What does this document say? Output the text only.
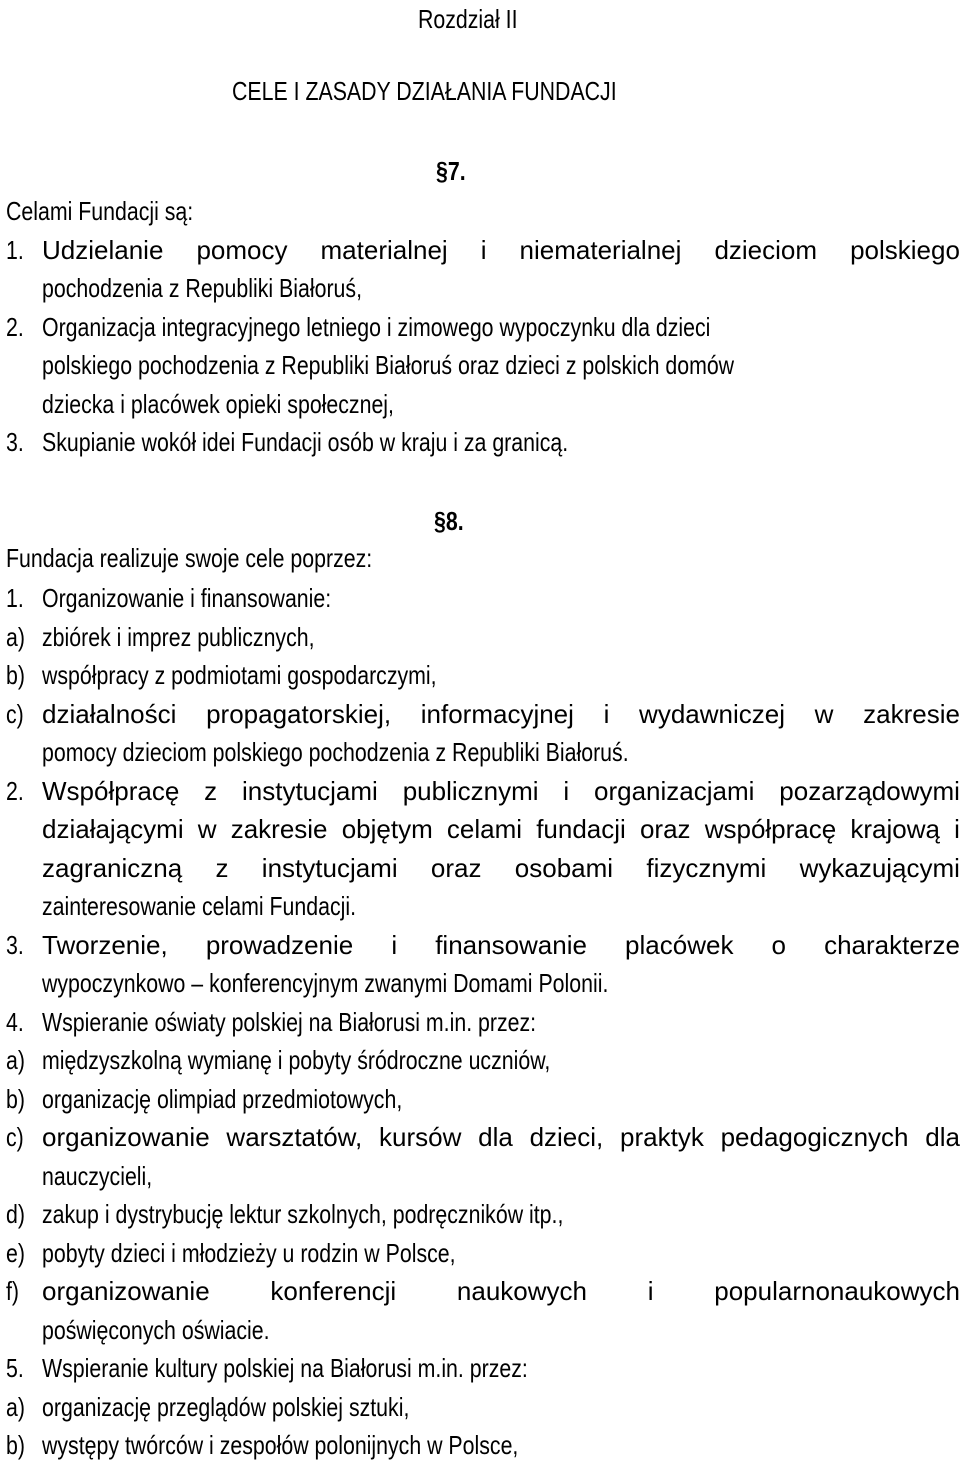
Rozdział II
CELE I ZASADY DZIAŁANIA FUNDACJI
§7.
Celami Fundacji są:
1. Udzielanie pomocy materialnej i niematerialnej dzieciom polskiego
pochodzenia z Republiki Białoruś,
2. Organizacja integracyjnego letniego i zimowego wypoczynku dla dzieci
polskiego pochodzenia z Republiki Białoruś oraz dzieci z polskich domów
dziecka i placówek opieki społecznej,
3. Skupianie wokół idei Fundacji osób w kraju i za granicą.
§8.
Fundacja realizuje swoje cele poprzez:
1. Organizowanie i finansowanie:
a) zbiórek i imprez publicznych,
b) współpracy z podmiotami gospodarczymi,
c) działalności propagatorskiej, informacyjnej i wydawniczej w zakresie
pomocy dzieciom polskiego pochodzenia z Republiki Białoruś.
2. Współpracę z instytucjami publicznymi i organizacjami pozarządowymi
działającymi w zakresie objętym celami fundacji oraz współpracę krajową i
zagraniczną z instytucjami oraz osobami fizycznymi wykazującymi
zainteresowanie celami Fundacji.
3. Tworzenie, prowadzenie i finansowanie placówek o charakterze
wypoczynkowo – konferencyjnym zwanymi Domami Polonii.
4. Wspieranie oświaty polskiej na Białorusi m.in. przez:
a) międzyszkolną wymianę i pobyty śródroczne uczniów,
b) organizację olimpiad przedmiotowych,
c) organizowanie warsztatów, kursów dla dzieci, praktyk pedagogicznych dla
nauczycieli,
d) zakup i dystrybucję lektur szkolnych, podręczników itp.,
e) pobyty dzieci i młodzieży u rodzin w Polsce,
f) organizowanie konferencji naukowych i popularnonaukowych
poświęconych oświacie.
5. Wspieranie kultury polskiej na Białorusi m.in. przez:
a) organizację przeglądów polskiej sztuki,
b) występy twórców i zespołów polonijnych w Polsce,
